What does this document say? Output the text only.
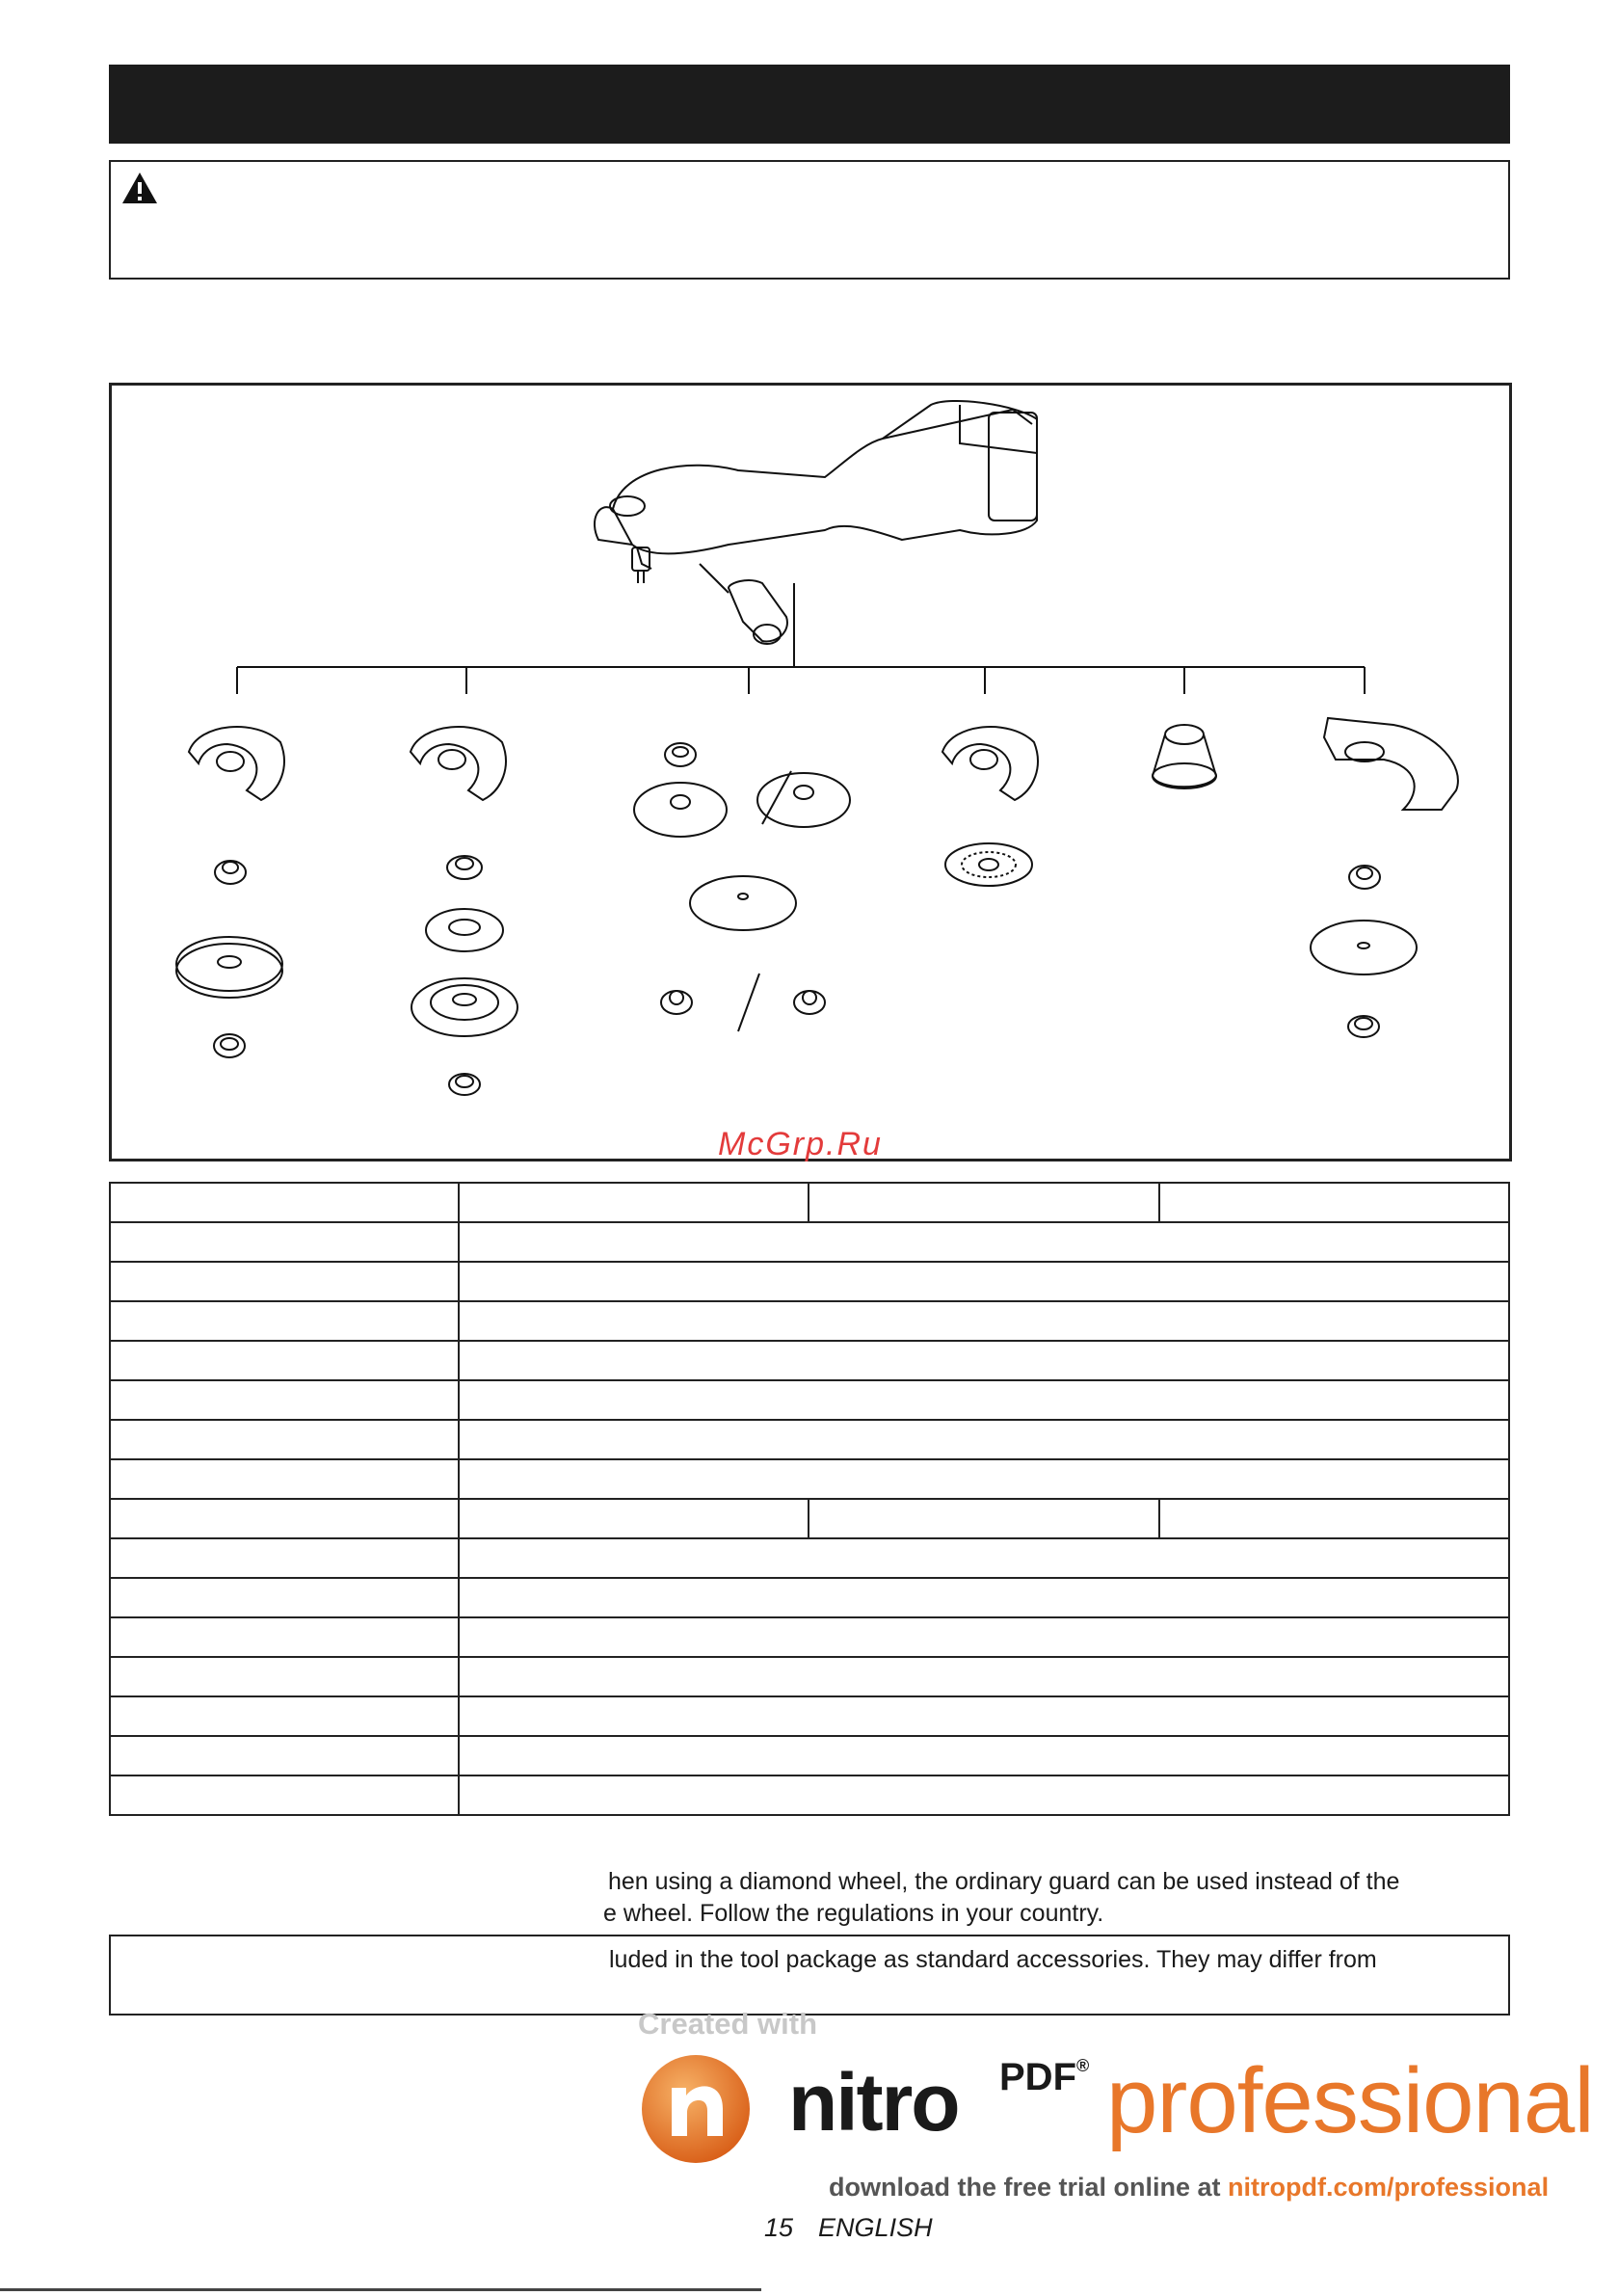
McGrp.Ru

hen using a diamond wheel, the ordinary guard can be used instead of the
e wheel. Follow the regulations in your country.
luded in the tool package as standard accessories. They may differ from
Created with
nitro PDF® professional
download the free trial online at nitropdf.com/professional
15 ENGLISH
